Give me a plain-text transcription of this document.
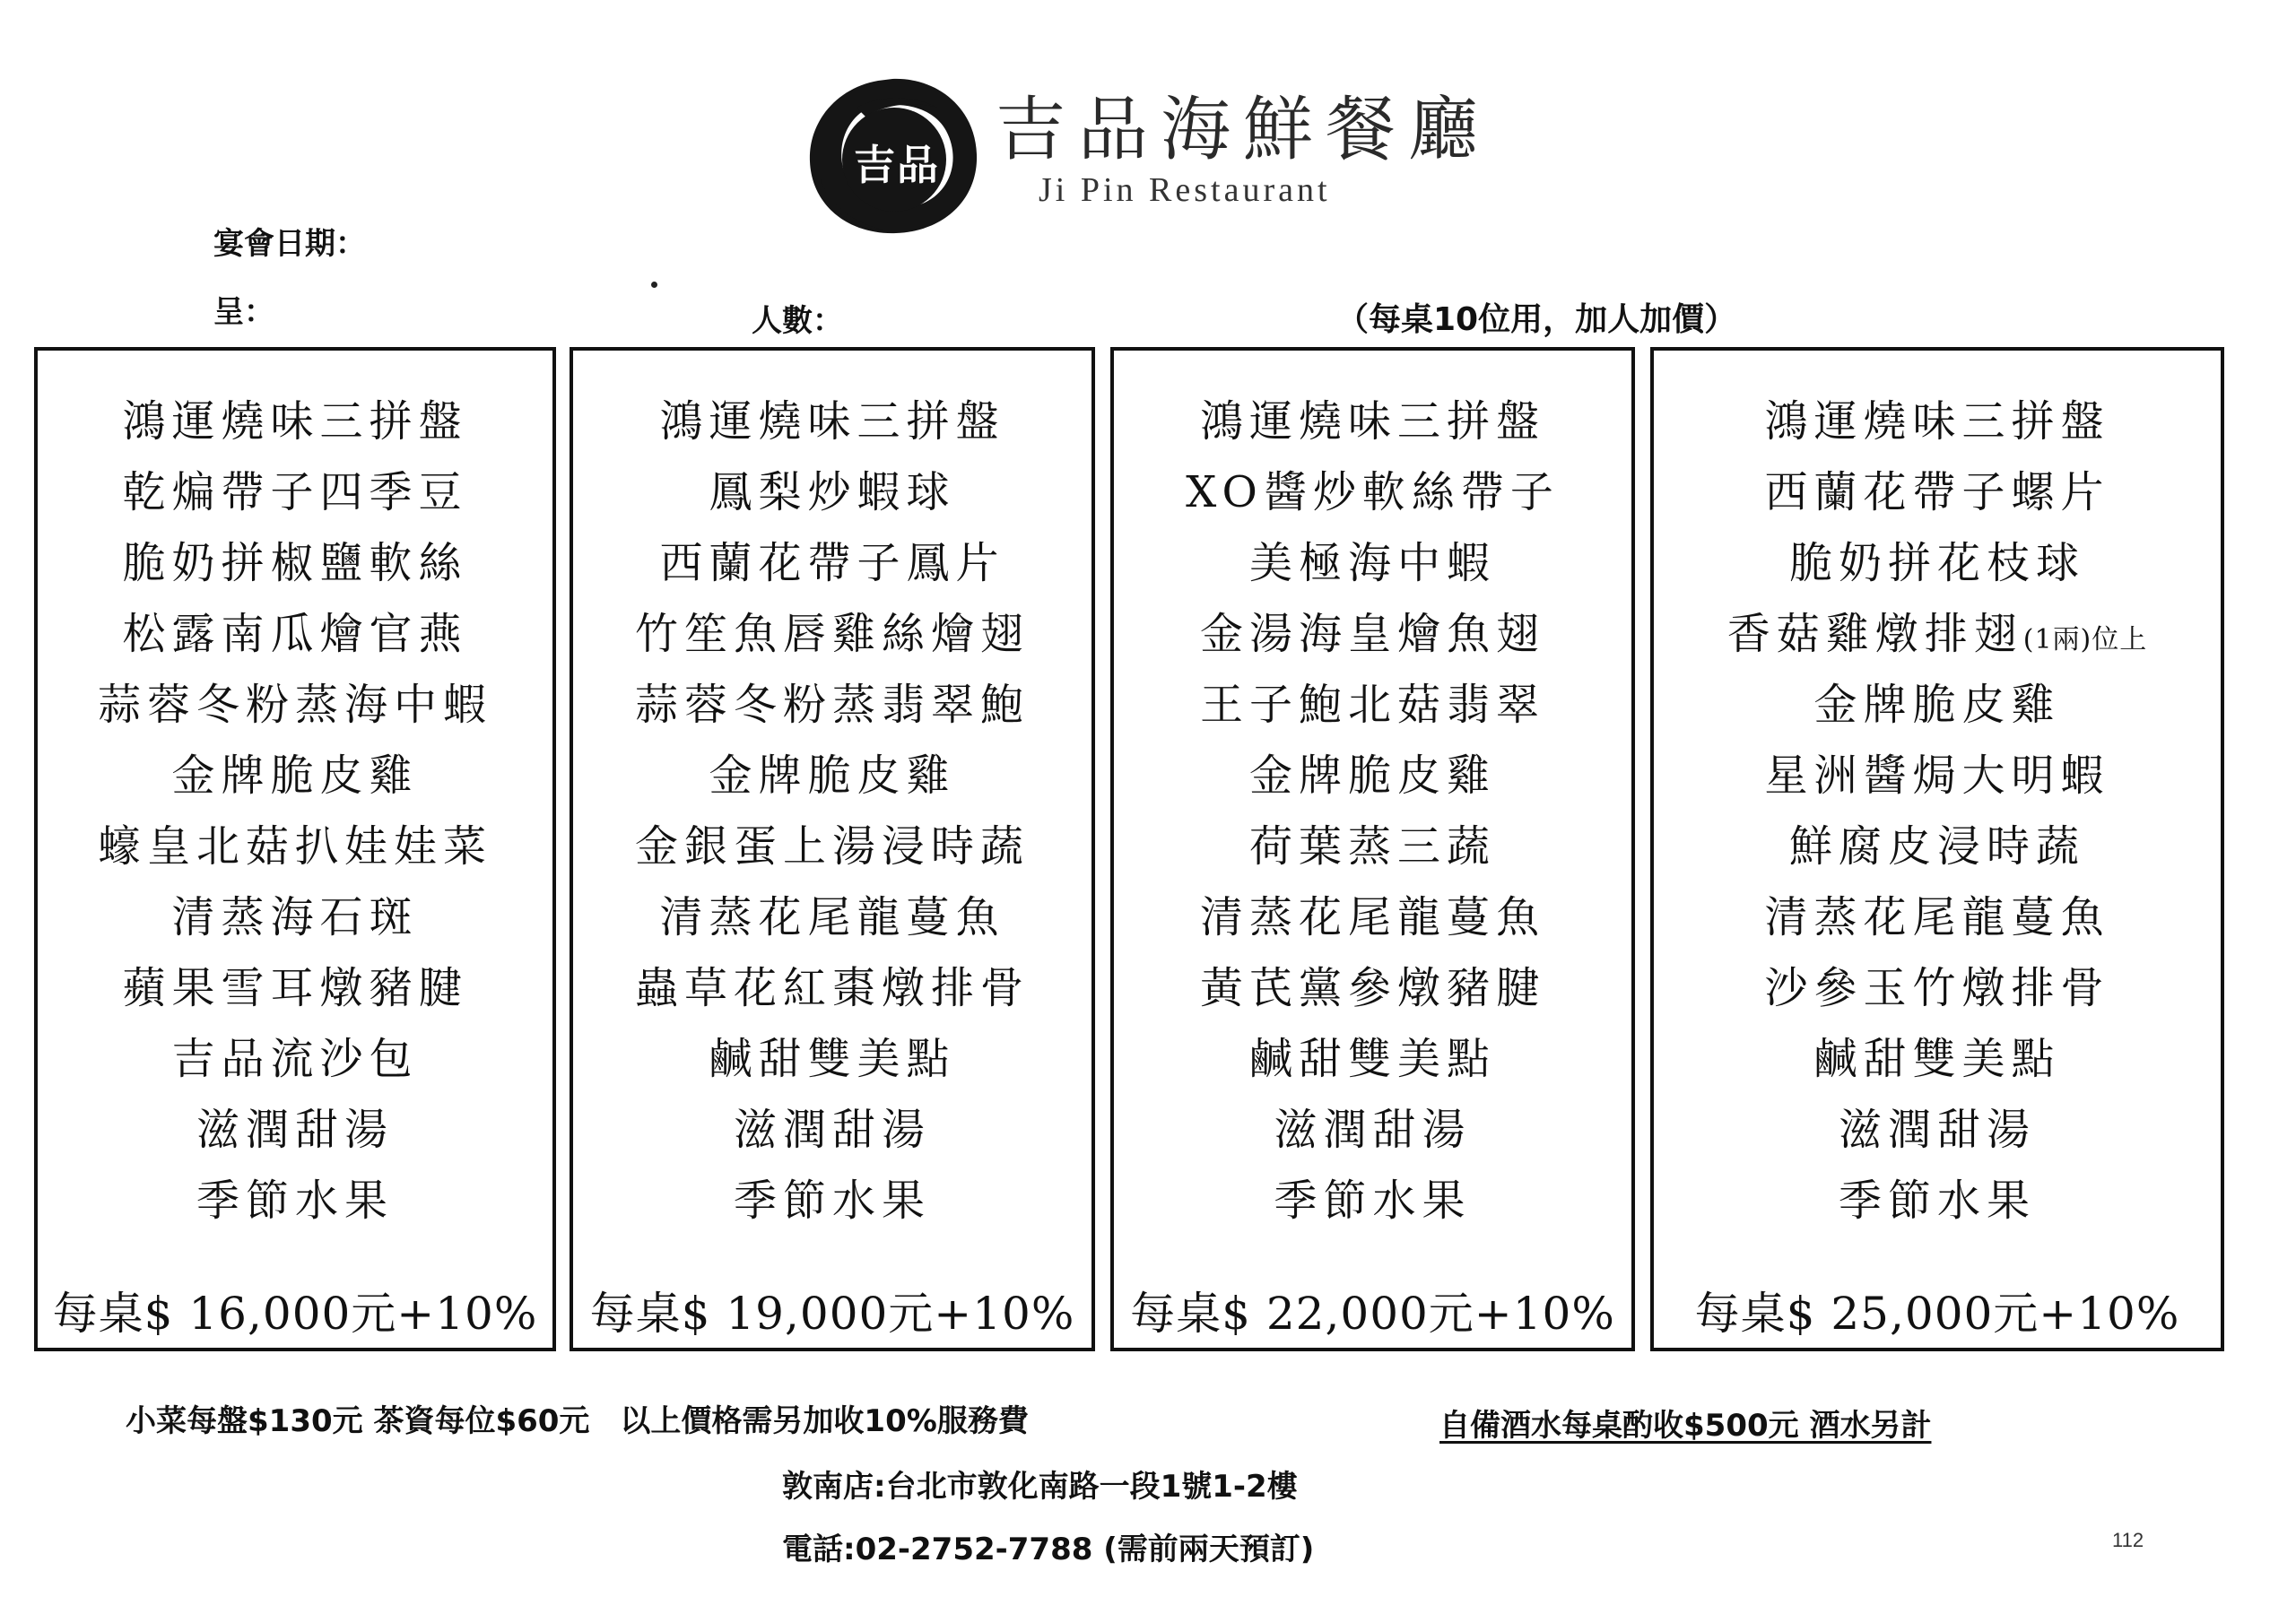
吉品 吉品海鮮餐廳
Ji Pin Restaurant
宴會日期：
呈：	人數：	（每桌10位用，加人加價）
鴻運燒味三拼盤
乾煸帶子四季豆
脆奶拼椒鹽軟絲
松露南瓜燴官燕
蒜蓉冬粉蒸海中蝦
金牌脆皮雞
蠔皇北菇扒娃娃菜
清蒸海石斑
蘋果雪耳燉豬腱
吉品流沙包
滋潤甜湯
季節水果
每桌$ 16,000元+10%
鴻運燒味三拼盤
鳳梨炒蝦球
西蘭花帶子鳳片
竹笙魚唇雞絲燴翅
蒜蓉冬粉蒸翡翠鮑
金牌脆皮雞
金銀蛋上湯浸時蔬
清蒸花尾龍蔓魚
蟲草花紅棗燉排骨
鹹甜雙美點
滋潤甜湯
季節水果
每桌$ 19,000元+10%
鴻運燒味三拼盤
XO醬炒軟絲帶子
美極海中蝦
金湯海皇燴魚翅
王子鮑北菇翡翠
金牌脆皮雞
荷葉蒸三蔬
清蒸花尾龍蔓魚
黃芪黨參燉豬腱
鹹甜雙美點
滋潤甜湯
季節水果
每桌$ 22,000元+10%
鴻運燒味三拼盤
西蘭花帶子螺片
脆奶拼花枝球
香菇雞燉排翅(1兩)位上
金牌脆皮雞
星洲醬焗大明蝦
鮮腐皮浸時蔬
清蒸花尾龍蔓魚
沙參玉竹燉排骨
鹹甜雙美點
滋潤甜湯
季節水果
每桌$ 25,000元+10%
小菜每盤$130元 茶資每位$60元　以上價格需另加收10%服務費	自備酒水每桌酌收$500元 酒水另計
敦南店:台北市敦化南路一段1號1-2樓
電話:02-2752-7788 (需前兩天預訂)	112
